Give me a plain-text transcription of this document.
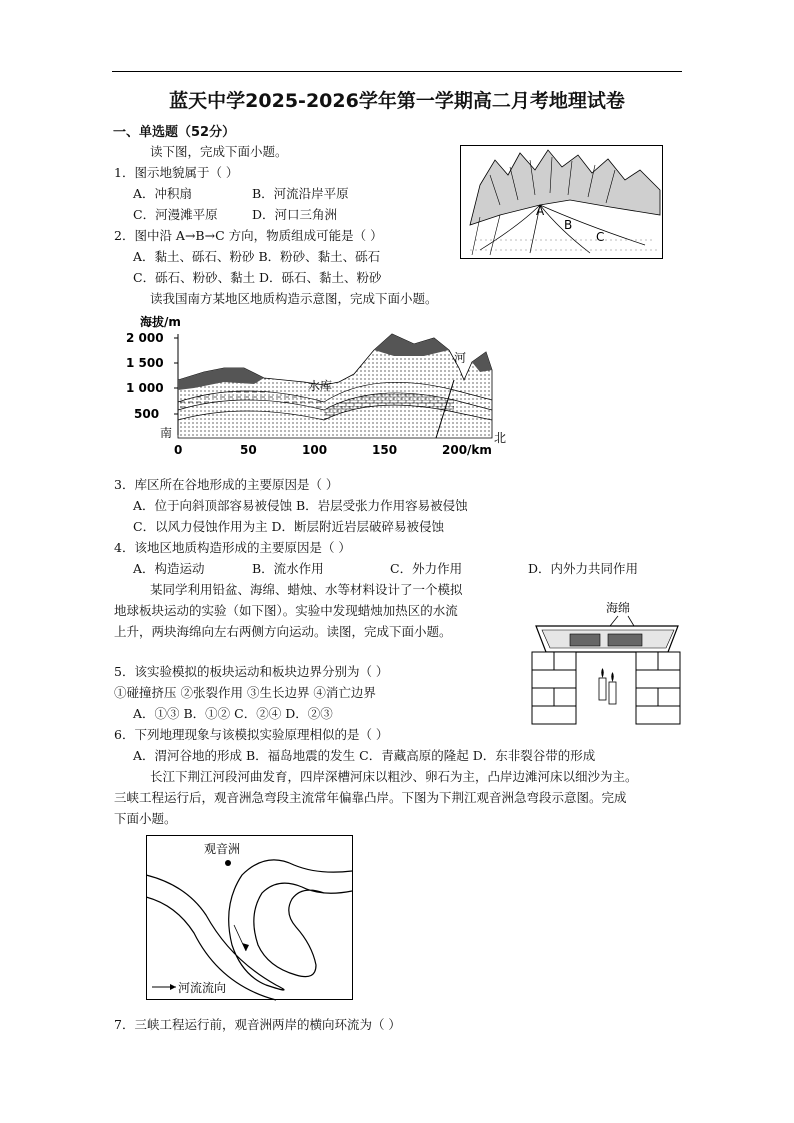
蓝天中学2025-2026学年第一学期高二月考地理试卷
一、单选题（52分）
读下图，完成下面小题。
1．图示地貌属于（ ）
A．冲积扇	B．河流沿岸平原
C．河漫滩平原	D．河口三角洲
2．图中沿 A→B→C 方向，物质组成可能是（ ）
A．黏土、砾石、粉砂 B．粉砂、黏土、砾石
C．砾石、粉砂、黏土 D．砾石、黏土、粉砂
A
B
C
读我国南方某地区地质构造示意图，完成下面小题。
海拔/m
2 000
1 500
1 000
500
水库
河
南	北
0	50	100	150	200/km
3．库区所在谷地形成的主要原因是（ ）
A．位于向斜顶部容易被侵蚀 B．岩层受张力作用容易被侵蚀
C．以风力侵蚀作用为主 D．断层附近岩层破碎易被侵蚀
4．该地区地质构造形成的主要原因是（ ）
A．构造运动	B．流水作用	C．外力作用	D．内外力共同作用
某同学利用铅盆、海绵、蜡烛、水等材料设计了一个模拟
地球板块运动的实验（如下图）。实验中发现蜡烛加热区的水流
上升，两块海绵向左右两侧方向运动。读图，完成下面小题。
海绵
5．该实验模拟的板块运动和板块边界分别为（ ）
①碰撞挤压 ②张裂作用 ③生长边界 ④消亡边界
A．①③ B．①② C．②④ D．②③
6．下列地理现象与该模拟实验原理相似的是（ ）
A．渭河谷地的形成 B．福岛地震的发生 C．青藏高原的隆起 D．东非裂谷带的形成
长江下荆江河段河曲发育，四岸深槽河床以粗沙、卵石为主，凸岸边滩河床以细沙为主。
三峡工程运行后，观音洲急弯段主流常年偏靠凸岸。下图为下荆江观音洲急弯段示意图。完成
下面小题。
观音洲
河流流向
7．三峡工程运行前，观音洲两岸的横向环流为（ ）
